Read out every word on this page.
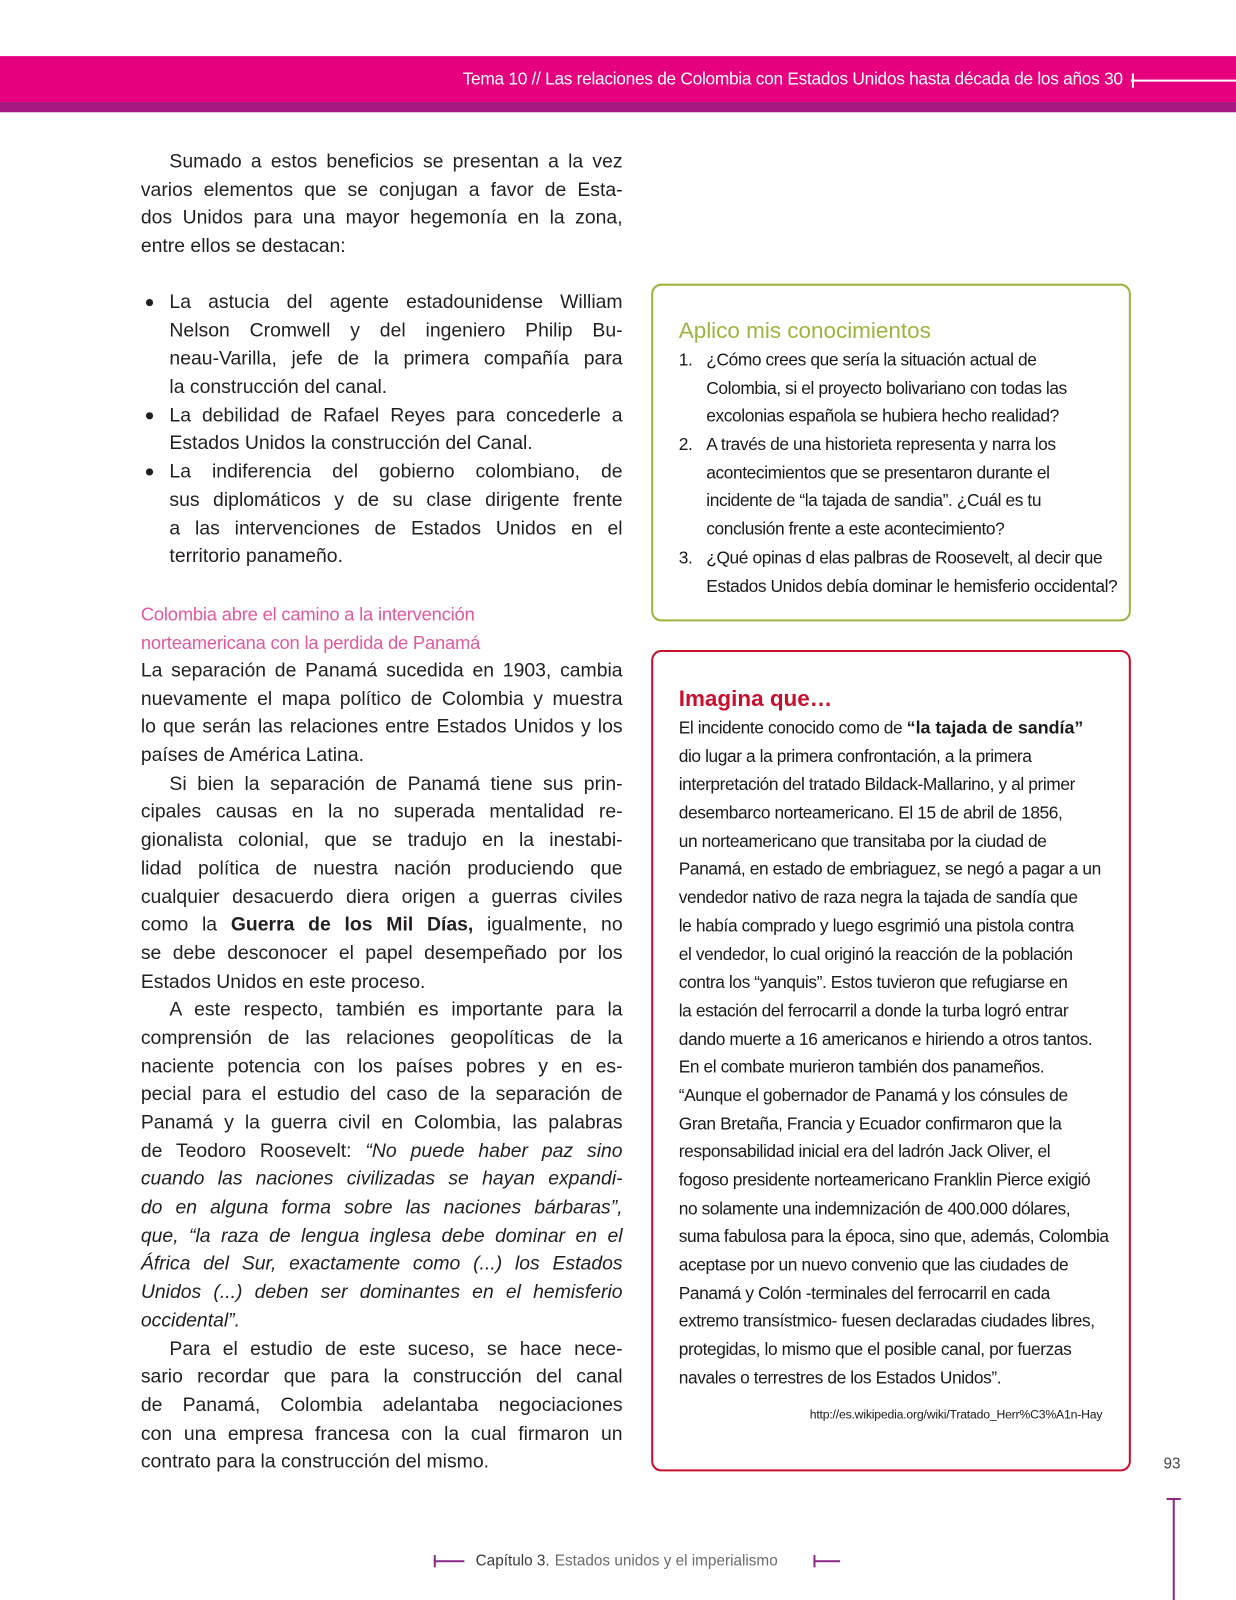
Tema 10 // Las relaciones de Colombia con Estados Unidos hasta década de los años 30
Sumado a estos beneficios se presentan a la vez
varios elementos que se conjugan a favor de Esta-
dos Unidos para una mayor hegemonía en la zona,
entre ellos se destacan:
La astucia del agente estadounidense William
Nelson Cromwell y del ingeniero Philip Bu-
neau-Varilla, jefe de la primera compañía para
la construcción del canal.
La debilidad de Rafael Reyes para concederle a
Estados Unidos la construcción del Canal.
La indiferencia del gobierno colombiano, de
sus diplomáticos y de su clase dirigente frente
a las intervenciones de Estados Unidos en el
territorio panameño.
Colombia abre el camino a la intervención
norteamericana con la perdida de Panamá
La separación de Panamá sucedida en 1903, cambia
nuevamente el mapa político de Colombia y muestra
lo que serán las relaciones entre Estados Unidos y los
países de América Latina.
Si bien la separación de Panamá tiene sus prin-
cipales causas en la no superada mentalidad re-
gionalista colonial, que se tradujo en la inestabi-
lidad política de nuestra nación produciendo que
cualquier desacuerdo diera origen a guerras civiles
como la Guerra de los Mil Días, igualmente, no
se debe desconocer el papel desempeñado por los
Estados Unidos en este proceso.
A este respecto, también es importante para la
comprensión de las relaciones geopolíticas de la
naciente potencia con los países pobres y en es-
pecial para el estudio del caso de la separación de
Panamá y la guerra civil en Colombia, las palabras
de Teodoro Roosevelt: “No puede haber paz sino
cuando las naciones civilizadas se hayan expandi-
do en alguna forma sobre las naciones bárbaras”,
que, “la raza de lengua inglesa debe dominar en el
África del Sur, exactamente como (...) los Estados
Unidos (...) deben ser dominantes en el hemisferio
occidental”.
Para el estudio de este suceso, se hace nece-
sario recordar que para la construcción del canal
de Panamá, Colombia adelantaba negociaciones
con una empresa francesa con la cual firmaron un
contrato para la construcción del mismo.
Aplico mis conocimientos
1. ¿Cómo crees que sería la situación actual de
Colombia, si el proyecto bolivariano con todas las
excolonias española se hubiera hecho realidad?
2. A través de una historieta representa y narra los
acontecimientos que se presentaron durante el
incidente de “la tajada de sandia”. ¿Cuál es tu
conclusión frente a este acontecimiento?
3. ¿Qué opinas d elas palbras de Roosevelt, al decir que
Estados Unidos debía dominar le hemisferio occidental?
Imagina que…
El incidente conocido como de “la tajada de sandía”
dio lugar a la primera confrontación, a la primera
interpretación del tratado Bildack-Mallarino, y al primer
desembarco norteamericano. El 15 de abril de 1856,
un norteamericano que transitaba por la ciudad de
Panamá, en estado de embriaguez, se negó a pagar a un
vendedor nativo de raza negra la tajada de sandía que
le había comprado y luego esgrimió una pistola contra
el vendedor, lo cual originó la reacción de la población
contra los “yanquis”. Estos tuvieron que refugiarse en
la estación del ferrocarril a donde la turba logró entrar
dando muerte a 16 americanos e hiriendo a otros tantos.
En el combate murieron también dos panameños.
“Aunque el gobernador de Panamá y los cónsules de
Gran Bretaña, Francia y Ecuador confirmaron que la
responsabilidad inicial era del ladrón Jack Oliver, el
fogoso presidente norteamericano Franklin Pierce exigió
no solamente una indemnización de 400.000 dólares,
suma fabulosa para la época, sino que, además, Colombia
aceptase por un nuevo convenio que las ciudades de
Panamá y Colón -terminales del ferrocarril en cada
extremo transístmico- fuesen declaradas ciudades libres,
protegidas, lo mismo que el posible canal, por fuerzas
navales o terrestres de los Estados Unidos”.
http://es.wikipedia.org/wiki/Tratado_Herr%C3%A1n-Hay
93
Capítulo 3. Estados unidos y el imperialismo
